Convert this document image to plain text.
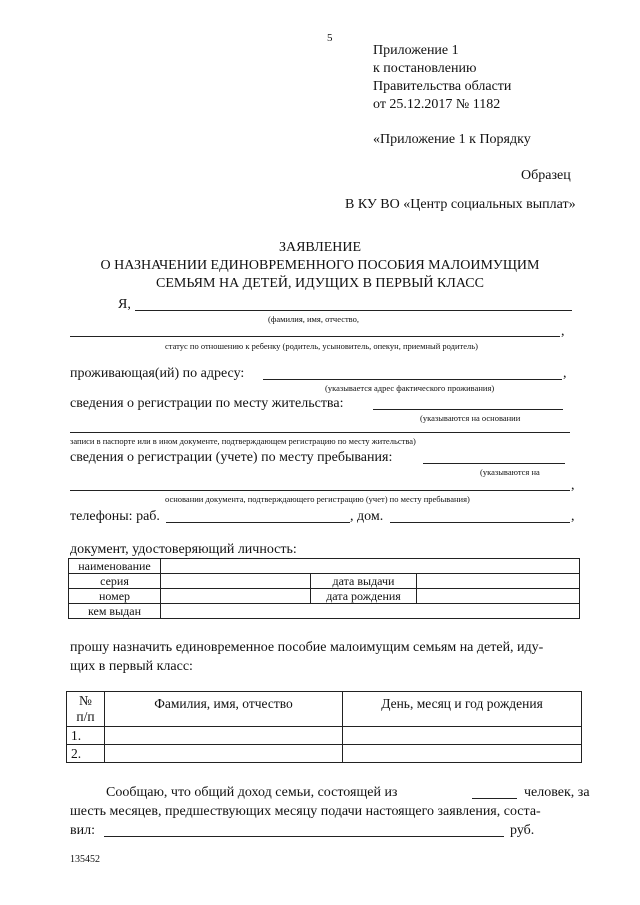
5
Приложение 1
к постановлению
Правительства области
от 25.12.2017 № 1182
«Приложение 1 к Порядку
Образец
В КУ ВО «Центр социальных выплат»
ЗАЯВЛЕНИЕ
О НАЗНАЧЕНИИ ЕДИНОВРЕМЕННОГО ПОСОБИЯ МАЛОИМУЩИМ
СЕМЬЯМ НА ДЕТЕЙ, ИДУЩИХ В ПЕРВЫЙ КЛАСС
Я,
(фамилия, имя, отчество,
,
статус по отношению к ребенку (родитель, усыновитель, опекун, приемный родитель)
проживающая(ий) по адресу:	,
(указывается адрес фактического проживания)
сведения о регистрации по месту жительства:
(указываются на основании
записи в паспорте или в ином документе, подтверждающем регистрацию по месту жительства)
сведения о регистрации (учете) по месту пребывания:
(указываются на
,
основании документа, подтверждающего регистрацию (учет) по месту пребывания)
телефоны: раб.	, дом.	,
документ, удостоверяющий личность:
наименование			
серия		дата выдачи	
номер		дата рождения	
кем выдан			
прошу назначить единовременное пособие малоимущим семьям на детей, иду-
щих в первый класс:
№
п/п	Фамилия, имя, отчество	День, месяц и год рождения
1.		
2.		
Сообщаю, что общий доход семьи, состоящей из	человек, за
шесть месяцев, предшествующих месяцу подачи настоящего заявления, соста-
вил:	руб.
135452
